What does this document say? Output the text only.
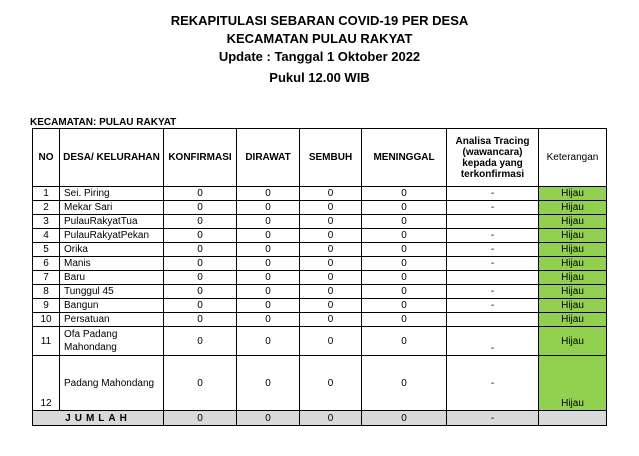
REKAPITULASI SEBARAN COVID-19 PER DESA
KECAMATAN PULAU RAKYAT
Update : Tanggal 1 Oktober 2022
Pukul 12.00 WIB
KECAMATAN: PULAU RAKYAT
NO	DESA/ KELURAHAN	KONFIRMASI	DIRAWAT	SEMBUH	MENINGGAL	Analisa Tracing (wawancara) kepada yang terkonfirmasi	Keterangan
1	Sei. Piring	0	0	0	0	-	Hijau
2	Mekar Sari	0	0	0	0	-	Hijau
3	PulauRakyatTua	0	0	0	0		Hijau
4	PulauRakyatPekan	0	0	0	0	-	Hijau
5	Orika	0	0	0	0	-	Hijau
6	Manis	0	0	0	0	-	Hijau
7	Baru	0	0	0	0		Hijau
8	Tunggul 45	0	0	0	0	-	Hijau
9	Bangun	0	0	0	0	-	Hijau
10	Persatuan	0	0	0	0		Hijau
11	Ofa Padang Mahondang	0	0	0	0	-	Hijau
12	Padang Mahondang	0	0	0	0	-	Hijau
JUMLAH		0	0	0	0	-	
